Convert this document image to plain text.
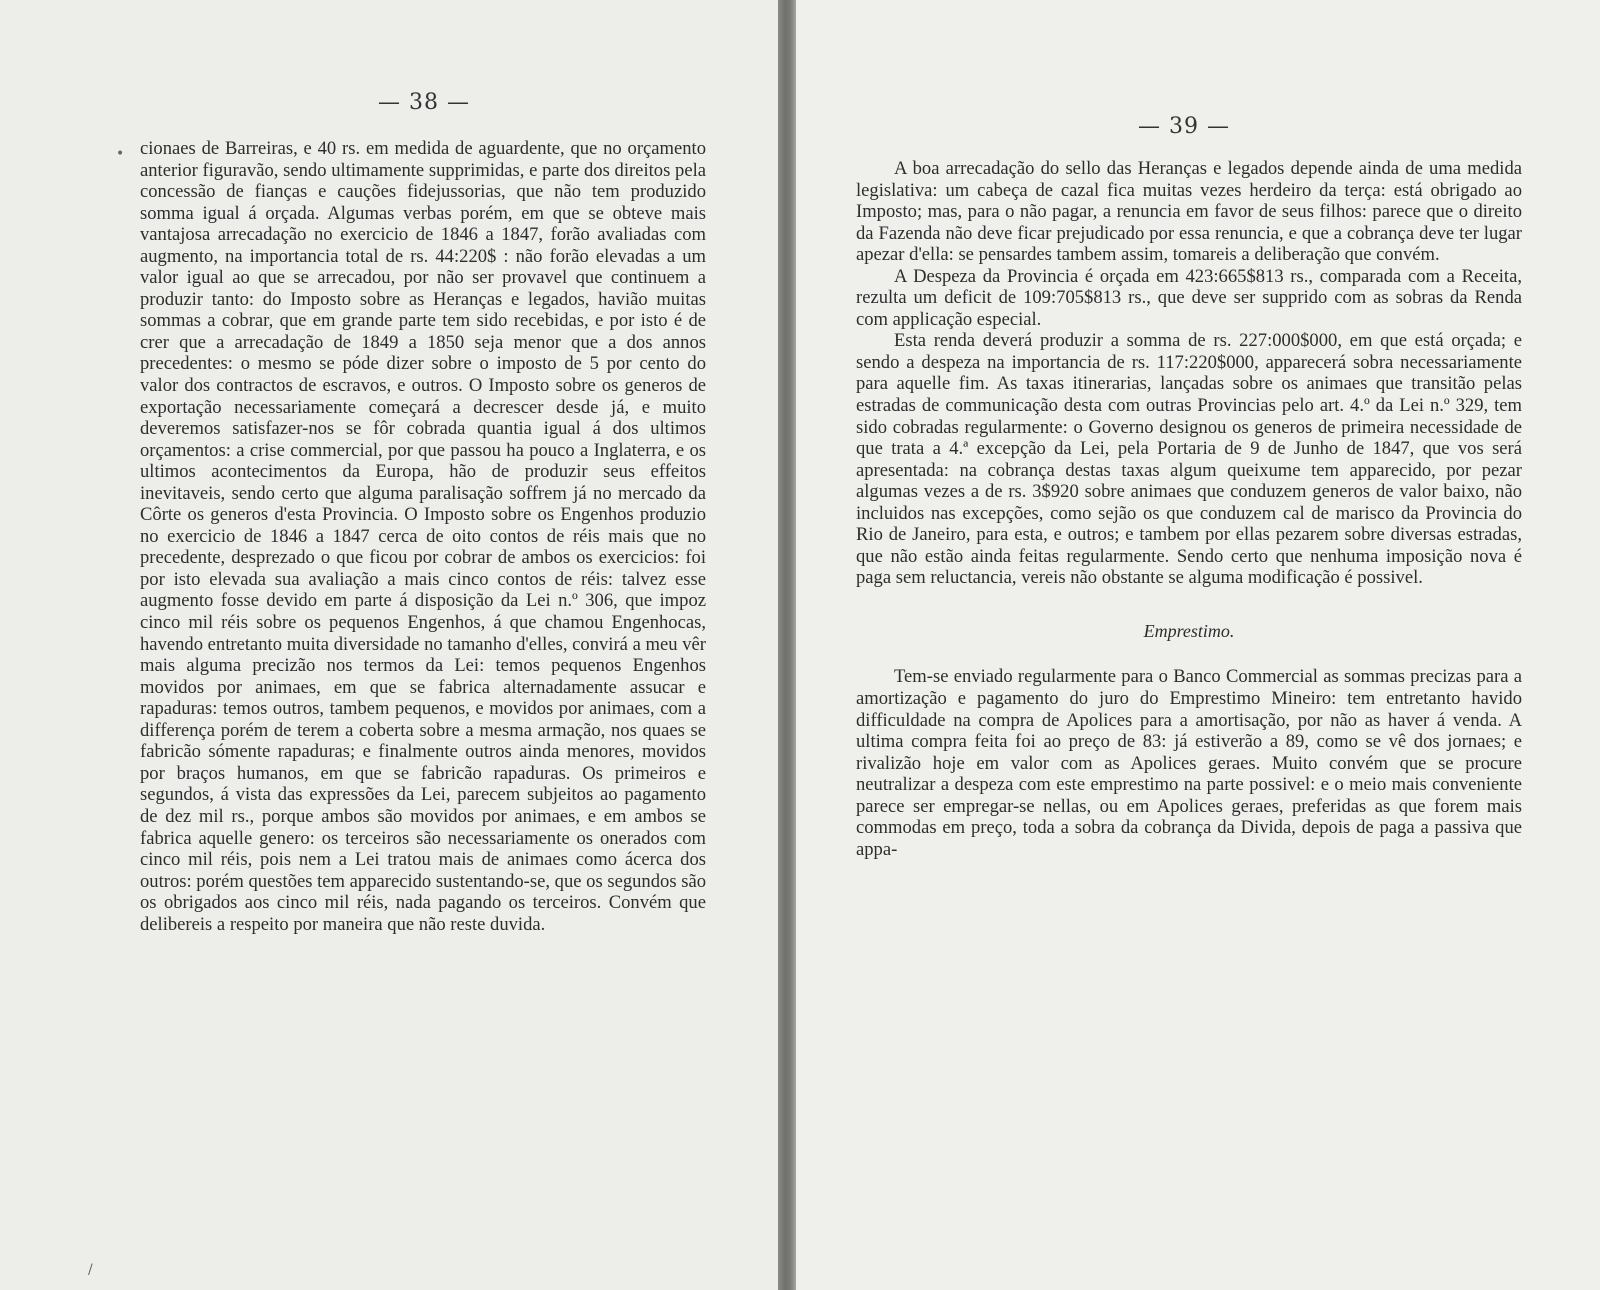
— 38 —

cionaes de Barreiras, e 40 rs. em medida de aguardente, que no orçamento anterior figuravão, sendo ultimamente supprimidas, e parte dos direitos pela concessão de fianças e cauções fidejussorias, que não tem produzido somma igual á orçada. Algumas verbas porém, em que se obteve mais vantajosa arrecadação no exercicio de 1846 a 1847, forão avaliadas com augmento, na importancia total de rs. 44:220$ : não forão elevadas a um valor igual ao que se arrecadou, por não ser provavel que continuem a produzir tanto: do Imposto sobre as Heranças e legados, havião muitas sommas a cobrar, que em grande parte tem sido recebidas, e por isto é de crer que a arrecadação de 1849 a 1850 seja menor que a dos annos precedentes: o mesmo se póde dizer sobre o imposto de 5 por cento do valor dos contractos de escravos, e outros. O Imposto sobre os generos de exportação necessariamente começará a decrescer desde já, e muito deveremos satisfazer-nos se fôr cobrada quantia igual á dos ultimos orçamentos: a crise commercial, por que passou ha pouco a Inglaterra, e os ultimos acontecimentos da Europa, hão de produzir seus effeitos inevitaveis, sendo certo que alguma paralisação soffrem já no mercado da Côrte os generos d'esta Provincia. O Imposto sobre os Engenhos produzio no exercicio de 1846 a 1847 cerca de oito contos de réis mais que no precedente, desprezado o que ficou por cobrar de ambos os exercicios: foi por isto elevada sua avaliação a mais cinco contos de réis: talvez esse augmento fosse devido em parte á disposição da Lei n.º 306, que impoz cinco mil réis sobre os pequenos Engenhos, á que chamou Engenhocas, havendo entretanto muita diversidade no tamanho d'elles, convirá a meu vêr mais alguma precizão nos termos da Lei: temos pequenos Engenhos movidos por animaes, em que se fabrica alternadamente assucar e rapaduras: temos outros, tambem pequenos, e movidos por animaes, com a differença porém de terem a coberta sobre a mesma armação, nos quaes se fabricão sómente rapaduras; e finalmente outros ainda menores, movidos por braços humanos, em que se fabricão rapaduras. Os primeiros e segundos, á vista das expressões da Lei, parecem subjeitos ao pagamento de dez mil rs., porque ambos são movidos por animaes, e em ambos se fabrica aquelle genero: os terceiros são necessariamente os onerados com cinco mil réis, pois nem a Lei tratou mais de animaes como ácerca dos outros: porém questões tem apparecido sustentando-se, que os segundos são os obrigados aos cinco mil réis, nada pagando os terceiros. Convém que delibereis a respeito por maneira que não reste duvida.

•
/
— 39 —

A boa arrecadação do sello das Heranças e legados depende ainda de uma medida legislativa: um cabeça de cazal fica muitas vezes herdeiro da terça: está obrigado ao Imposto; mas, para o não pagar, a renuncia em favor de seus filhos: parece que o direito da Fazenda não deve ficar prejudicado por essa renuncia, e que a cobrança deve ter lugar apezar d'ella: se pensardes tambem assim, tomareis a deliberação que convém.

A Despeza da Provincia é orçada em 423:665$813 rs., comparada com a Receita, rezulta um deficit de 109:705$813 rs., que deve ser supprido com as sobras da Renda com applicação especial.

Esta renda deverá produzir a somma de rs. 227:000$000, em que está orçada; e sendo a despeza na importancia de rs. 117:220$000, apparecerá sobra necessariamente para aquelle fim. As taxas itinerarias, lançadas sobre os animaes que transitão pelas estradas de communicação desta com outras Provincias pelo art. 4.º da Lei n.º 329, tem sido cobradas regularmente: o Governo designou os generos de primeira necessidade de que trata a 4.ª excepção da Lei, pela Portaria de 9 de Junho de 1847, que vos será apresentada: na cobrança destas taxas algum queixume tem apparecido, por pezar algumas vezes a de rs. 3$920 sobre animaes que conduzem generos de valor baixo, não incluidos nas excepções, como sejão os que conduzem cal de marisco da Provincia do Rio de Janeiro, para esta, e outros; e tambem por ellas pezarem sobre diversas estradas, que não estão ainda feitas regularmente. Sendo certo que nenhuma imposição nova é paga sem reluctancia, vereis não obstante se alguma modificação é possivel.

Emprestimo.

Tem-se enviado regularmente para o Banco Commercial as sommas precizas para a amortização e pagamento do juro do Emprestimo Mineiro: tem entretanto havido difficuldade na compra de Apolices para a amortisação, por não as haver á venda. A ultima compra feita foi ao preço de 83: já estiverão a 89, como se vê dos jornaes; e rivalizão hoje em valor com as Apolices geraes. Muito convém que se procure neutralizar a despeza com este emprestimo na parte possivel: e o meio mais conveniente parece ser empregar-se nellas, ou em Apolices geraes, preferidas as que forem mais commodas em preço, toda a sobra da cobrança da Divida, depois de paga a passiva que appa-
